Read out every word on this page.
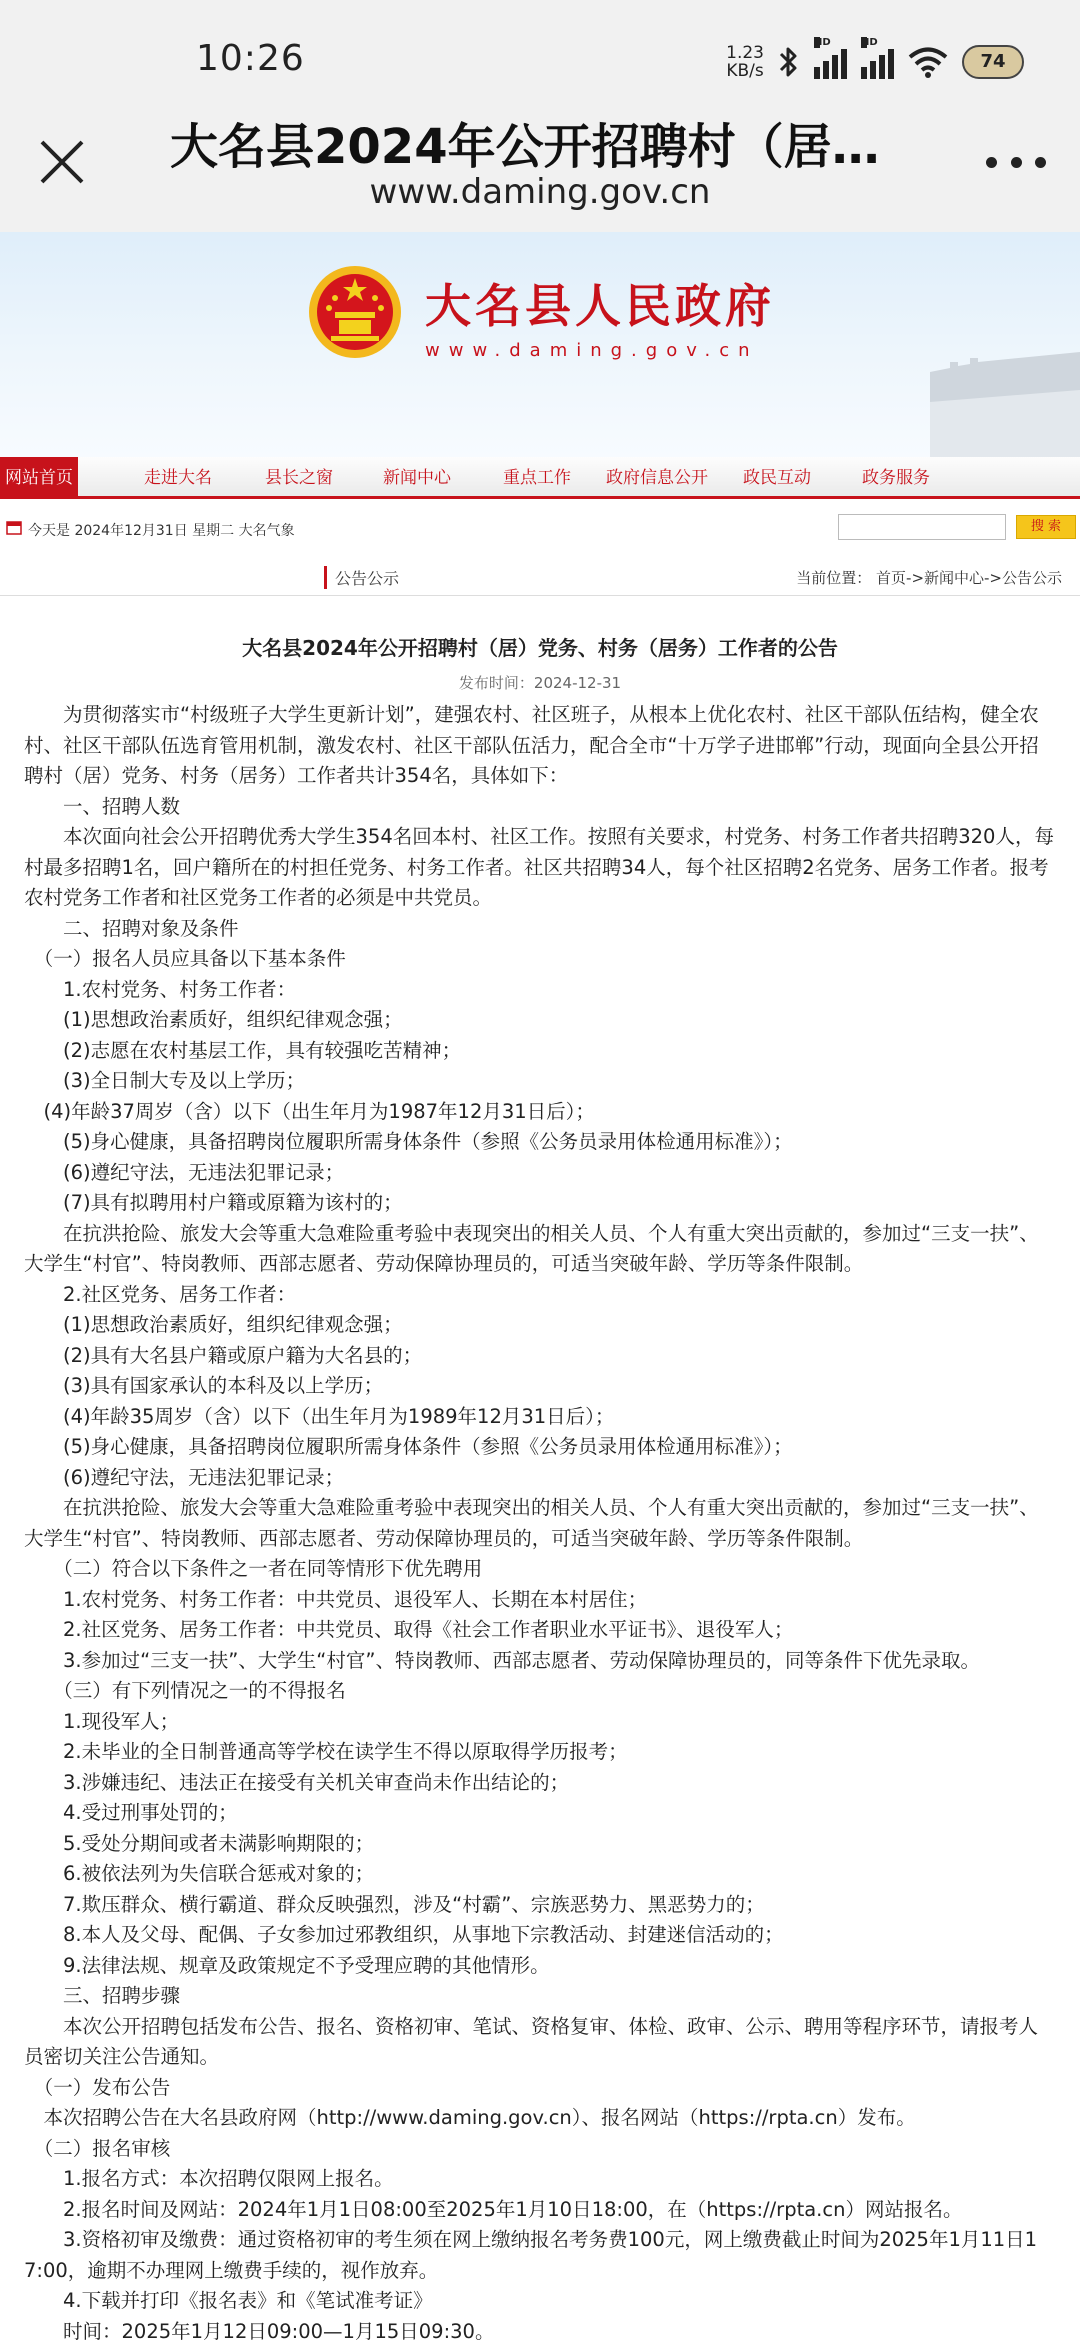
10:26	1.23
KB/s
HD	HD
74
大名县2024年公开招聘村（居…
www.daming.gov.cn
大名县人民政府
www.daming.gov.cn
网站首页	走进大名	县长之窗	新闻中心	重点工作 政府信息公开 政民互动	政务服务
今天是 2024年12月31日 星期二 大名气象	搜 索
公告公示	当前位置： 首页->新闻中心->公告公示
大名县2024年公开招聘村（居）党务、村务（居务）工作者的公告
发布时间：2024-12-31

　　为贯彻落实市“村级班子大学生更新计划”，建强农村、社区班子，从根本上优化农村、社区干部队伍结构，健全农村、社区干部队伍选育管用机制，激发农村、社区干部队伍活力，配合全市“十万学子进邯郸”行动，现面向全县公开招聘村（居）党务、村务（居务）工作者共计354名，具体如下：

　　一、招聘人数

　　本次面向社会公开招聘优秀大学生354名回本村、社区工作。按照有关要求，村党务、村务工作者共招聘320人，每村最多招聘1名，回户籍所在的村担任党务、村务工作者。社区共招聘34人，每个社区招聘2名党务、居务工作者。报考农村党务工作者和社区党务工作者的必须是中共党员。

　　二、招聘对象及条件

　（一）报名人员应具备以下基本条件

　　1.农村党务、村务工作者：

　　(1)思想政治素质好，组织纪律观念强；

　　(2)志愿在农村基层工作，具有较强吃苦精神；

　　(3)全日制大专及以上学历；

　(4)年龄37周岁（含）以下（出生年月为1987年12月31日后）；

　　(5)身心健康，具备招聘岗位履职所需身体条件（参照《公务员录用体检通用标准》）；

　　(6)遵纪守法，无违法犯罪记录；

　　(7)具有拟聘用村户籍或原籍为该村的；

　　在抗洪抢险、旅发大会等重大急难险重考验中表现突出的相关人员、个人有重大突出贡献的，参加过“三支一扶”、大学生“村官”、特岗教师、西部志愿者、劳动保障协理员的，可适当突破年龄、学历等条件限制。

　　2.社区党务、居务工作者：

　　(1)思想政治素质好，组织纪律观念强；

　　(2)具有大名县户籍或原户籍为大名县的；

　　(3)具有国家承认的本科及以上学历；

　　(4)年龄35周岁（含）以下（出生年月为1989年12月31日后）；

　　(5)身心健康，具备招聘岗位履职所需身体条件（参照《公务员录用体检通用标准》）；

　　(6)遵纪守法，无违法犯罪记录；

　　在抗洪抢险、旅发大会等重大急难险重考验中表现突出的相关人员、个人有重大突出贡献的，参加过“三支一扶”、大学生“村官”、特岗教师、西部志愿者、劳动保障协理员的，可适当突破年龄、学历等条件限制。

　　（二）符合以下条件之一者在同等情形下优先聘用

　　1.农村党务、村务工作者：中共党员、退役军人、长期在本村居住；

　　2.社区党务、居务工作者：中共党员、取得《社会工作者职业水平证书》、退役军人；

　　3.参加过“三支一扶”、大学生“村官”、特岗教师、西部志愿者、劳动保障协理员的，同等条件下优先录取。

　　（三）有下列情况之一的不得报名

　　1.现役军人；

　　2.未毕业的全日制普通高等学校在读学生不得以原取得学历报考；

　　3.涉嫌违纪、违法正在接受有关机关审查尚未作出结论的；

　　4.受过刑事处罚的；

　　5.受处分期间或者未满影响期限的；

　　6.被依法列为失信联合惩戒对象的；

　　7.欺压群众、横行霸道、群众反映强烈，涉及“村霸”、宗族恶势力、黑恶势力的；

　　8.本人及父母、配偶、子女参加过邪教组织，从事地下宗教活动、封建迷信活动的；

　　9.法律法规、规章及政策规定不予受理应聘的其他情形。

　　三、招聘步骤

　　本次公开招聘包括发布公告、报名、资格初审、笔试、资格复审、体检、政审、公示、聘用等程序环节，请报考人员密切关注公告通知。

　（一）发布公告

　本次招聘公告在大名县政府网（http://www.daming.gov.cn）、报名网站（https://rpta.cn）发布。

　（二）报名审核

　　1.报名方式：本次招聘仅限网上报名。

　　2.报名时间及网站：2024年1月1日08:00至2025年1月10日18:00，在（https://rpta.cn）网站报名。

　　3.资格初审及缴费：通过资格初审的考生须在网上缴纳报名考务费100元，网上缴费截止时间为2025年1月11日17:00，逾期不办理网上缴费手续的，视作放弃。

　　4.下载并打印《报名表》和《笔试准考证》

　　时间：2025年1月12日09:00—1月15日09:30。
